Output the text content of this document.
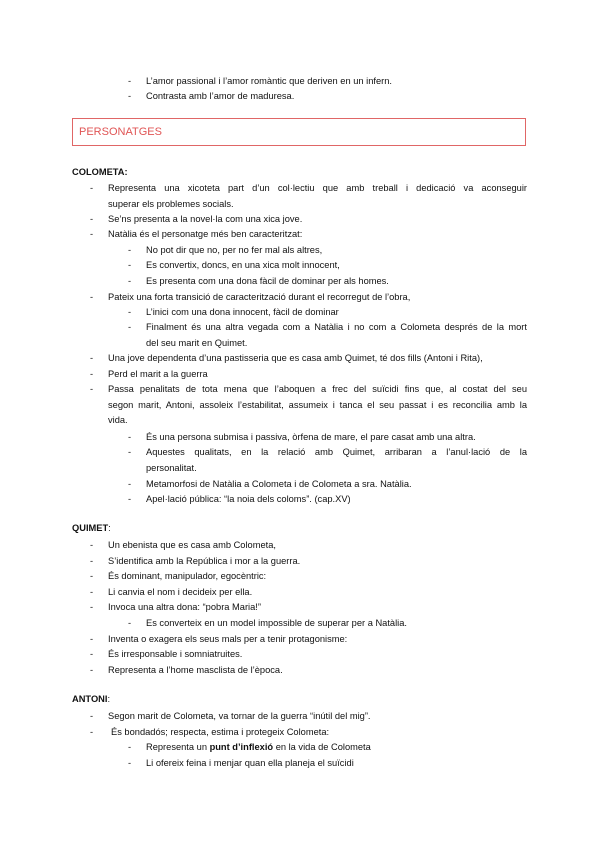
- L’amor passional i l’amor romàntic que deriven en un infern.
- Contrasta amb l’amor de maduresa.
PERSONATGES
COLOMETA:
- Representa una xicoteta part d’un col·lectiu que amb treball i dedicació va aconseguir
superar els problemes socials.
- Se’ns presenta a la novel·la com una xica jove.
- Natàlia és el personatge més ben caracteritzat:
- No pot dir que no, per no fer mal als altres,
- Es convertix, doncs, en una xica molt innocent,
- Es presenta com una dona fàcil de dominar per als homes.
- Pateix una forta transició de caracterització durant el recorregut de l’obra,
- L’inici com una dona innocent, fàcil de dominar
- Finalment és una altra vegada com a Natàlia i no com a Colometa després de la mort
del seu marit en Quimet.
- Una jove dependenta d’una pastisseria que es casa amb Quimet, té dos fills (Antoni i Rita),
- Perd el marit a la guerra
- Passa penalitats de tota mena que l’aboquen a frec del suïcidi fins que, al costat del seu
segon marit, Antoni, assoleix l’estabilitat, assumeix i tanca el seu passat i es reconcilia amb la
vida.
- És una persona submisa i passiva, òrfena de mare, el pare casat amb una altra.
- Aquestes qualitats, en la relació amb Quimet, arribaran a l’anul·lació de la
personalitat.
- Metamorfosi de Natàlia a Colometa i de Colometa a sra. Natàlia.
- Apel·lació pública: “la noia dels coloms”. (cap.XV)
QUIMET:
- Un ebenista que es casa amb Colometa,
- S’identifica amb la República i mor a la guerra.
- És dominant, manipulador, egocèntric:
- Li canvia el nom i decideix per ella.
- Invoca una altra dona: “pobra Maria!”
- Es converteix en un model impossible de superar per a Natàlia.
- Inventa o exagera els seus mals per a tenir protagonisme:
- És irresponsable i somniatruites.
- Representa a l’home masclista de l’època.
ANTONI:
- Segon marit de Colometa, va tornar de la guerra “inútil del mig”.
- És bondadós; respecta, estima i protegeix Colometa:
- Representa un punt d’inflexió en la vida de Colometa
- Li ofereix feina i menjar quan ella planeja el suïcidi
